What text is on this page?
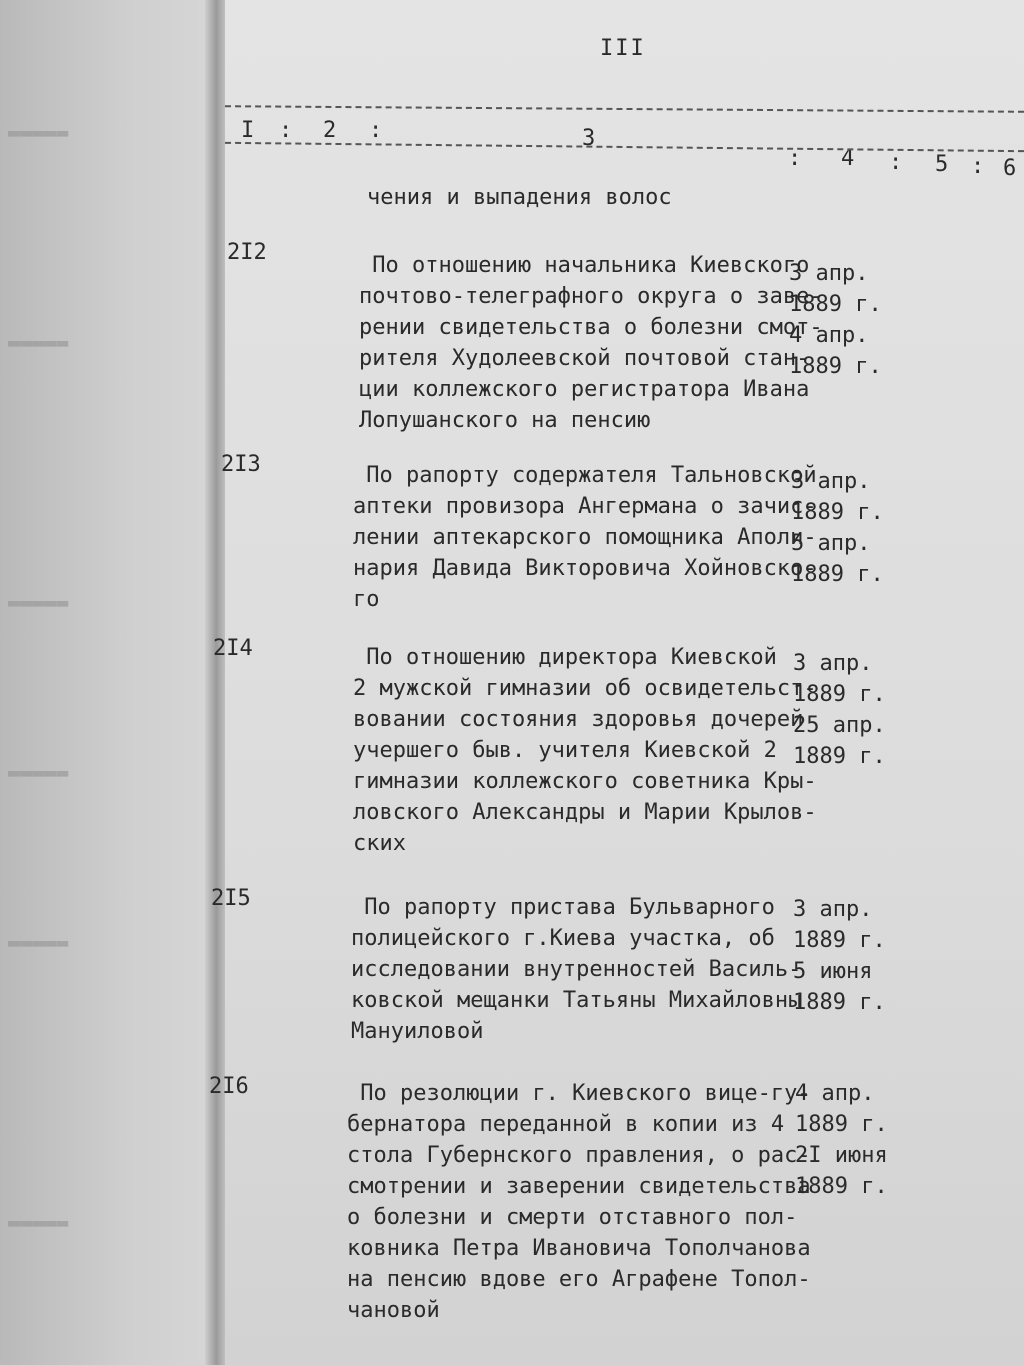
▬▬▬▬▬
▬▬▬▬▬
▬▬▬▬▬
▬▬▬▬▬
▬▬▬▬▬
▬▬▬▬▬
III
I : 2 :	3
: 4 : 5 : 6
чения и выпадения волос
2I2
По отношению начальника Киевского
почтово-телеграфного округа о заве-
рении свидетельства о болезни смот-
рителя Худолеевской почтовой стан-
ции коллежского регистратора Ивана
Лопушанского на пенсию
3 апр.
1889 г.
4 апр.
1889 г.
2I3	По рапорту содержателя Тальновской
аптеки провизора Ангермана о зачис-
лении аптекарского помощника Аполи-
нария Давида Викторовича Хойновско-
го
3 апр.
1889 г.
5 апр.
1889 г.
2I4	По отношению директора Киевской
2 мужской гимназии об освидетельст-
вовании состояния здоровья дочерей
учершего быв. учителя Киевской 2
гимназии коллежского советника Кры-
ловского Александры и Марии Крылов-
ских
3 апр.
1889 г.
25 апр.
1889 г.
2I5	По рапорту пристава Бульварного
полицейского г.Киева участка, об
исследовании внутренностей Василь-
ковской мещанки Татьяны Михайловны
Мануиловой
3 апр.
1889 г.
5 июня
1889 г.
2I6	По резолюции г. Киевского вице-гу-
бернатора переданной в копии из 4
стола Губернского правления, о рас-
смотрении и заверении свидетельства
о болезни и смерти отставного пол-
ковника Петра Ивановича Тополчанова
на пенсию вдове его Аграфене Топол-
чановой
4 апр.
1889 г.
2I июня
1889 г.
